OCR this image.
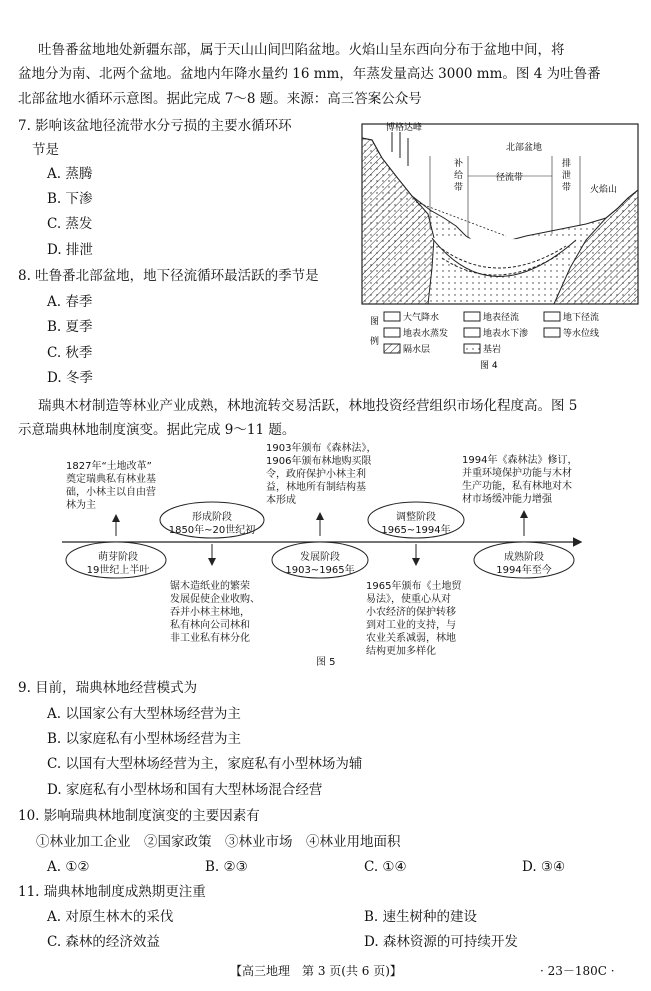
吐鲁番盆地地处新疆东部，属于天山山间凹陷盆地。火焰山呈东西向分布于盆地中间，将
盆地分为南、北两个盆地。盆地内年降水量约 16 mm，年蒸发量高达 3000 mm。图 4 为吐鲁番
北部盆地水循环示意图。据此完成 7～8 题。来源：高三答案公众号
7. 影响该盆地径流带水分亏损的主要水循环环
节是
A. 蒸腾
B. 下渗
C. 蒸发
D. 排泄
8. 吐鲁番北部盆地，地下径流循环最活跃的季节是
A. 春季
B. 夏季
C. 秋季
D. 冬季
博格达峰
北部盆地
补
给
带
径流带
排
泄
带 火焰山
图
例
大气降水	地表径流	地下径流
地表水蒸发	地表水下渗	等水位线
隔水层	基岩
图 4
瑞典木材制造等林业产业成熟，林地流转交易活跃，林地投资经营组织市场化程度高。图 5
示意瑞典林地制度演变。据此完成 9～11 题。
萌芽阶段
19世纪上半叶
形成阶段
1850年~20世纪初
发展阶段
1903~1965年
调整阶段
1965~1994年
成熟阶段
1994年至今
1827年“土地改革”
奠定瑞典私有林业基
础，小林主以自由营
林为主
1903年颁布《森林法》，
1906年颁布林地购买限
令，政府保护小林主利
益，林地所有制结构基
本形成
1994年《森林法》修订，
并重环境保护功能与木材
生产功能，私有林地对木
材市场缓冲能力增强
锯木造纸业的繁荣
发展促使企业收购、
吞并小林主林地，
私有林向公司林和
非工业私有林分化
1965年颁布《土地贸
易法》，使重心从对
小农经济的保护转移
到对工业的支持，与
农业关系减弱，林地
结构更加多样化
图 5
9. 目前，瑞典林地经营模式为
A. 以国家公有大型林场经营为主
B. 以家庭私有小型林场经营为主
C. 以国有大型林场经营为主，家庭私有小型林场为辅
D. 家庭私有小型林场和国有大型林场混合经营
10. 影响瑞典林地制度演变的主要因素有
①林业加工企业　②国家政策　③林业市场　④林业用地面积
A. ①②	B. ②③	C. ①④	D. ③④
11. 瑞典林地制度成熟期更注重
A. 对原生林木的采伐	B. 速生树种的建设
C. 森林的经济效益	D. 森林资源的可持续开发
【高三地理　第 3 页(共 6 页)】	· 23－180C ·
